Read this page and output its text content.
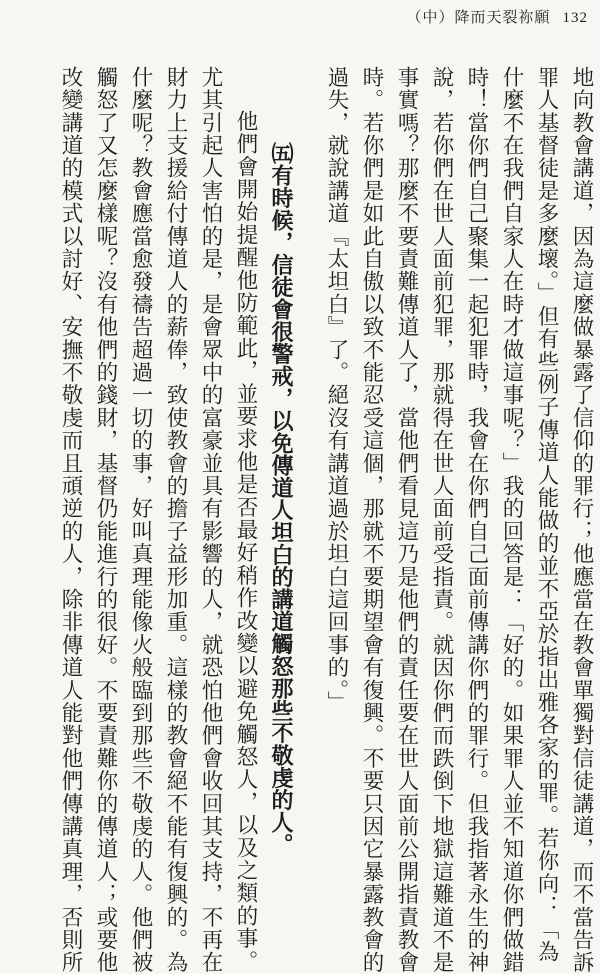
（中）降而天裂祢願 132
地向教會講道，因為這麼做暴露了信仰的罪行；他應當在教會單獨對信徒講道，而不當告訴
罪人基督徒是多麼壞。」但有些例子傳道人能做的並不亞於指出雅各家的罪。若你向：「為
什麼不在我們自家人在時才做這事呢？」我的回答是：「好的。如果罪人並不知道你們做錯
時！當你們自己聚集一起犯罪時，我會在你們自己面前傳講你們的罪行。但我指著永生的神
說，若你們在世人面前犯罪，那就得在世人面前受指責。就因你們而跌倒下地獄這難道不是
事實嗎？那麼不要責難傳道人了，當他們看見這乃是他們的責任要在世人面前公開指責教會
時。若你們是如此自傲以致不能忍受這個，那就不要期望會有復興。不要只因它暴露教會的
過失，就說講道『太坦白』了。絕沒有講道過於坦白這回事的。」
㈤有時候，信徒會很警戒，以免傳道人坦白的講道觸怒那些不敬虔的人。
他們會開始提醒他防範此，並要求他是否最好稍作改變以避免觸怒人，以及之類的事。
尤其引起人害怕的是，是會眾中的富豪並具有影響的人，就恐怕他們會收回其支持，不再在
財力上支援給付傳道人的薪俸，致使教會的擔子益形加重。這樣的教會絕不能有復興的。為
什麼呢？教會應當愈發禱告超過一切的事，好叫真理能像火般臨到那些不敬虔的人。他們被
觸怒了又怎麼樣呢？沒有他們的錢財，基督仍能進行的很好。不要責難你的傳道人；或要他
改變講道的模式以討好、安撫不敬虔而且頑逆的人，除非傳道人能對他們傳講真理，否則所
